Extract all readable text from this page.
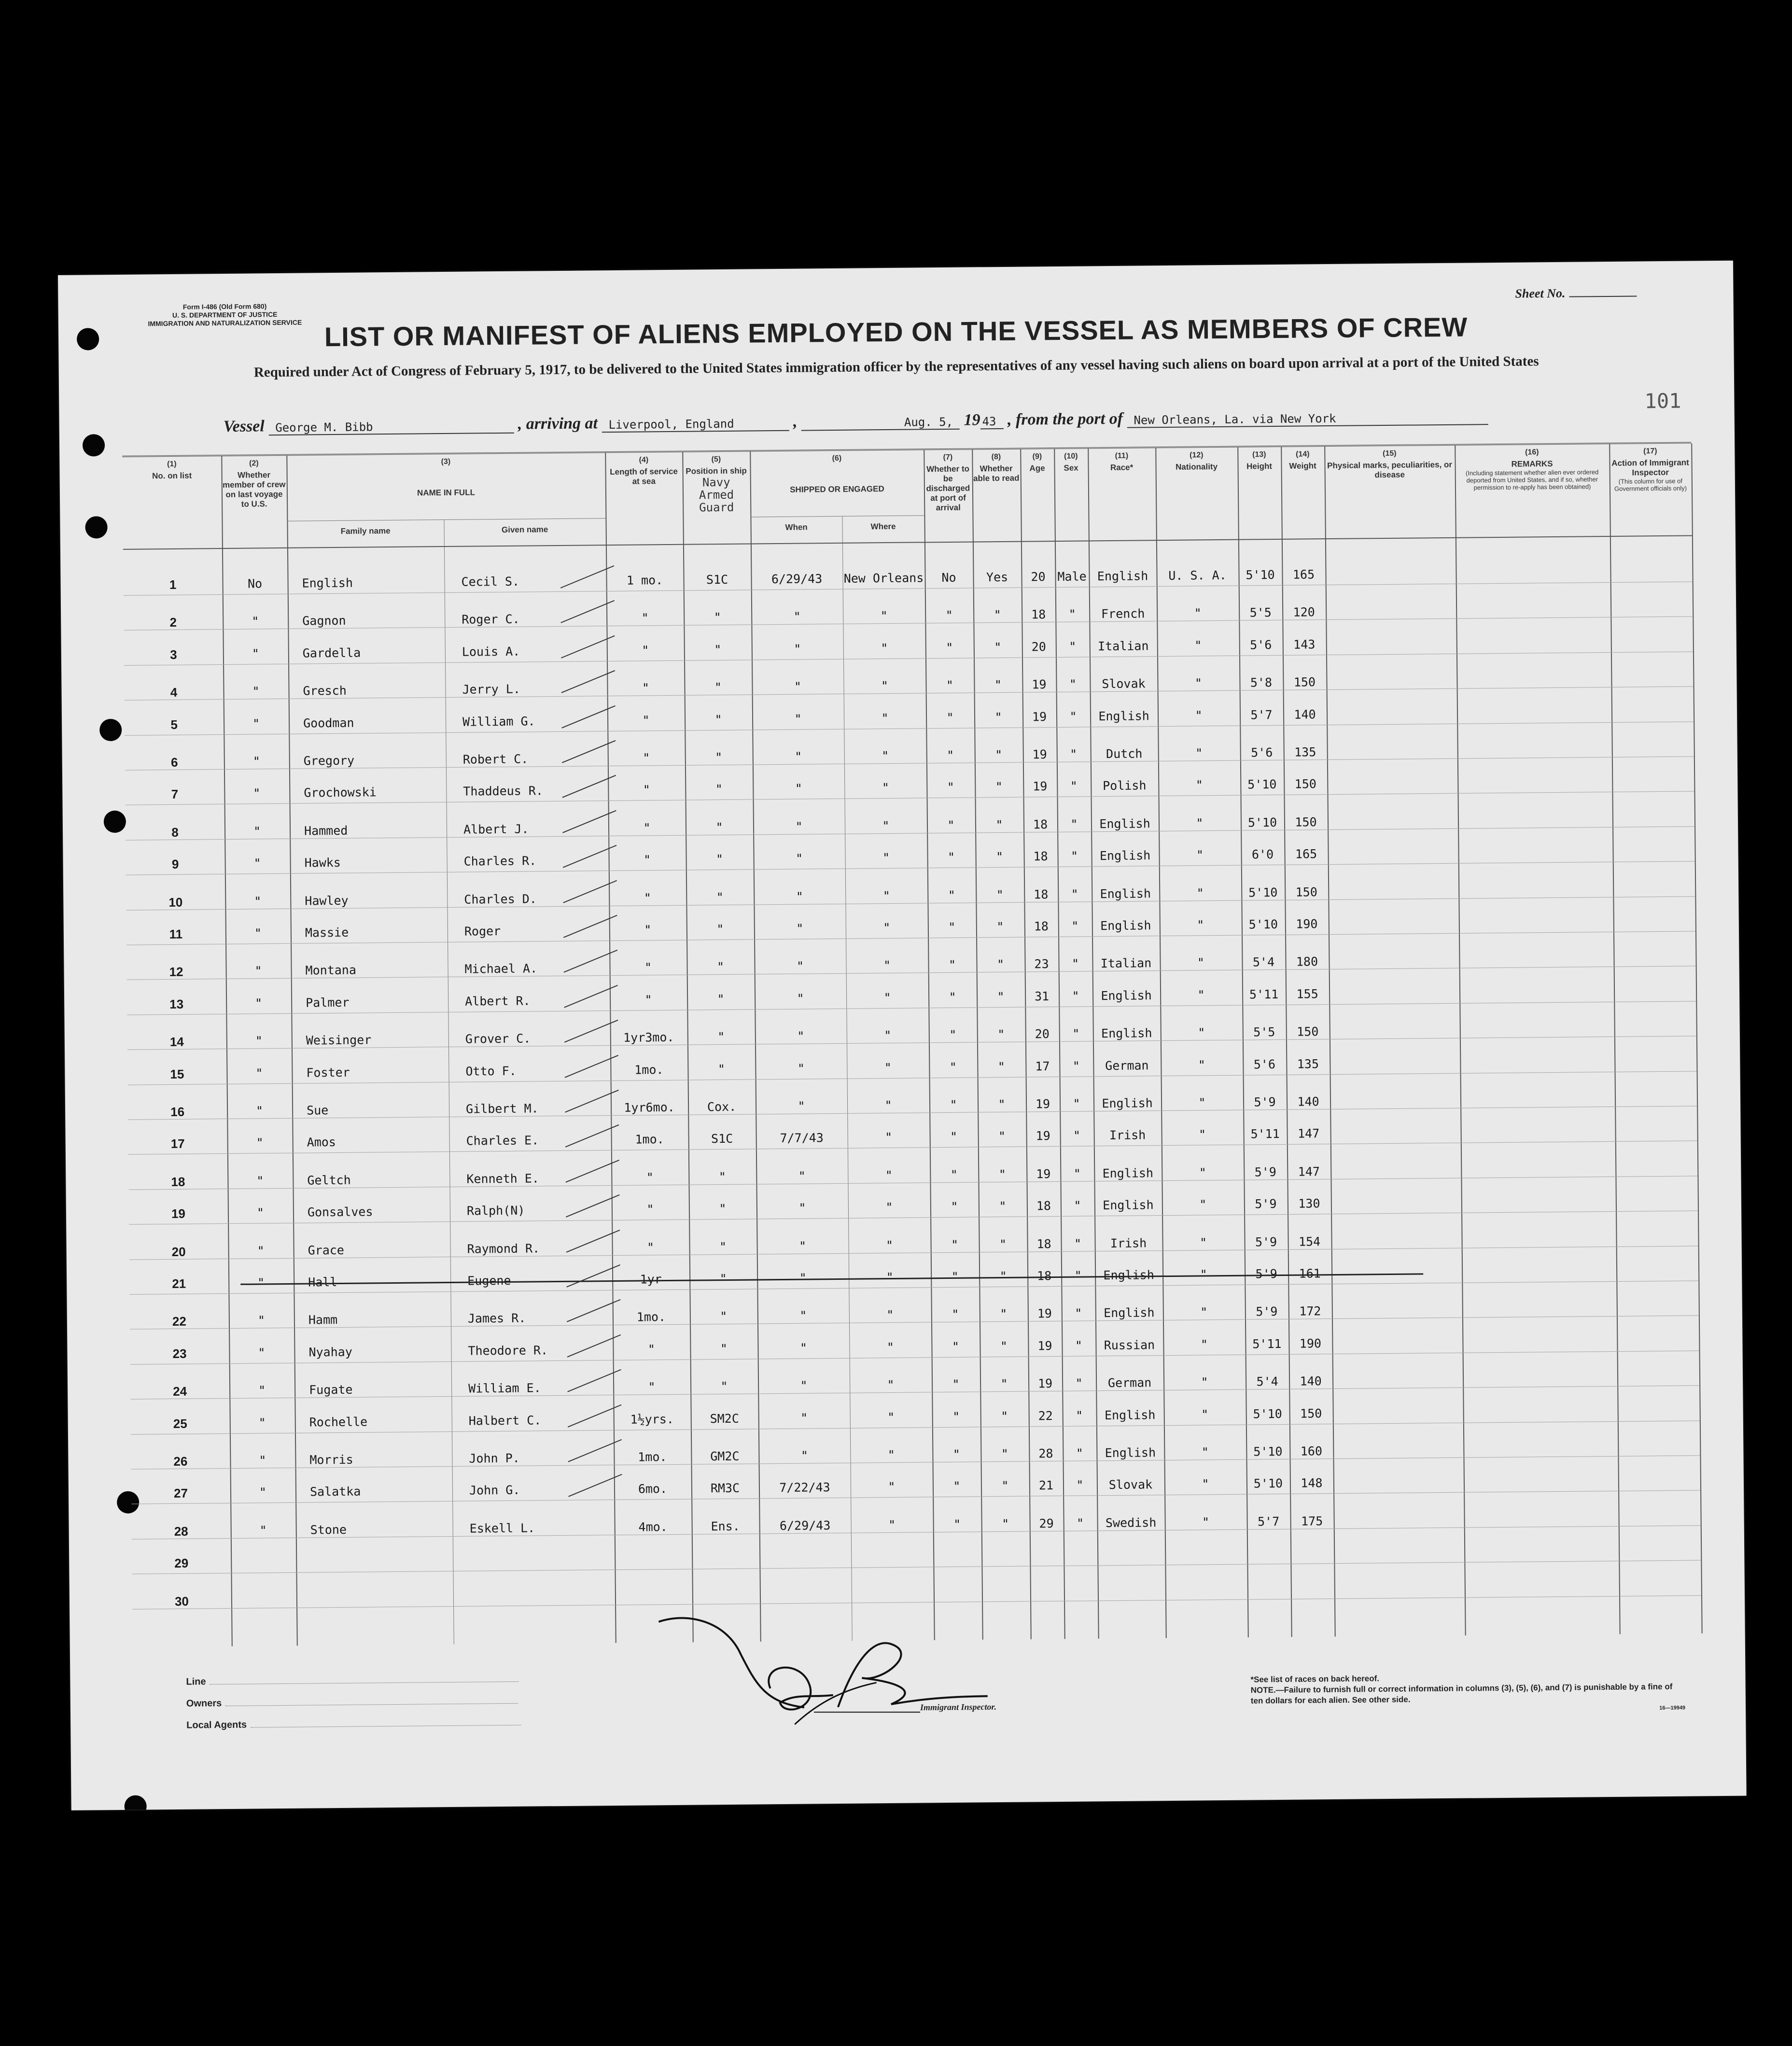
Form I-486 (Old Form 680)
U. S. DEPARTMENT OF JUSTICE
IMMIGRATION AND NATURALIZATION SERVICE
Sheet No.
101
LIST OR MANIFEST OF ALIENS EMPLOYED ON THE VESSEL AS MEMBERS OF CREW
Required under Act of Congress of February 5, 1917, to be delivered to the United States immigration officer by the representatives of any vessel having such aliens on board upon arrival at a port of the United States
Vessel George M. Bibb	, arriving at Liverpool, England	,	Aug. 5, 19 43 , from the port of New Orleans, La. via New York
(1)
No. on list
(2)
Whether member of crew on last voyage to U.S.
Family name	Given name
(3)
NAME IN FULL
(4)
Length of service at sea
(5)
Position in ship
Navy Armed Guard
When	Where
(6)
SHIPPED OR ENGAGED
(7)
Whether to be discharged at port of arrival
(8)
Whether able to read
(9)
Age
(10)
Sex
(11)
Race*
(12)
Nationality
(13)
Height
(14)
Weight
(15)
Physical marks, peculiarities, or disease
(16)
REMARKS
(Including statement whether alien ever ordered deported from United States, and if so, whether permission to re-apply has been obtained)
(17)
Action of Immigrant Inspector
(This column for use of Government officials only)
1	No	English	Cecil S.	1 mo.	S1C	6/29/43	New Orleans	No	Yes	20 Male English	U. S. A.	5'10	165
2	"	Gagnon	Roger C.	"	"	"	"	"	"	18	"	French	"	5'5	120
3	"	Gardella	Louis A.	"	"	"	"	"	"	20	"	Italian	"	5'6	143
4	"	Gresch	Jerry L.	"	"	"	"	"	"	19	"	Slovak	"	5'8	150
5	"	Goodman	William G.	"	"	"	"	"	"	19	"	English	"	5'7	140
6	"	Gregory	Robert C.	"	"	"	"	"	"	19	"	Dutch	"	5'6	135
7	"	Grochowski	Thaddeus R.	"	"	"	"	"	"	19	"	Polish	"	5'10	150
8	"	Hammed	Albert J.	"	"	"	"	"	"	18	"	English	"	5'10	150
9	"	Hawks	Charles R.	"	"	"	"	"	"	18	"	English	"	6'0	165
10	"	Hawley	Charles D.	"	"	"	"	"	"	18	"	English	"	5'10	150
11	"	Massie	Roger	"	"	"	"	"	"	18	"	English	"	5'10	190
12	"	Montana	Michael A.	"	"	"	"	"	"	23	"	Italian	"	5'4	180
13	"	Palmer	Albert R.	"	"	"	"	"	"	31	"	English	"	5'11	155
14	"	Weisinger	Grover C.	1yr3mo.	"	"	"	"	"	20	"	English	"	5'5	150
15	"	Foster	Otto F.	1mo.	"	"	"	"	"	17	"	German	"	5'6	135
16	"	Sue	Gilbert M.	1yr6mo.	Cox.	"	"	"	"	19	"	English	"	5'9	140
17	"	Amos	Charles E.	1mo.	S1C	7/7/43	"	"	"	19	"	Irish	"	5'11	147
18	"	Geltch	Kenneth E.	"	"	"	"	"	"	19	"	English	"	5'9	147
19	"	Gonsalves	Ralph(N)	"	"	"	"	"	"	18	"	English	"	5'9	130
20	"	Grace	Raymond R.	"	"	"	"	"	"	18	"	Irish	"	5'9	154
21	"	Hall	Eugene	1yr	"	"	"	"	"	18	"	English	"	5'9	161
22	"	Hamm	James R.	1mo.	"	"	"	"	"	19	"	English	"	5'9	172
23	"	Nyahay	Theodore R.	"	"	"	"	"	"	19	"	Russian	"	5'11	190
24	"	Fugate	William E.	"	"	"	"	"	"	19	"	German	"	5'4	140
25	"	Rochelle	Halbert C.	1½yrs.	SM2C	"	"	"	"	22	"	English	"	5'10	150
26	"	Morris	John P.	1mo.	GM2C	"	"	"	"	28	"	English	"	5'10	160
27	"	Salatka	John G.	6mo.	RM3C	7/22/43	"	"	"	21	"	Slovak	"	5'10	148
28	"	Stone	Eskell L.	4mo.	Ens.	6/29/43	"	"	"	29	"	Swedish	"	5'7	175
29
30
Line
Owners
Local Agents
Immigrant Inspector.
*See list of races on back hereof.
NOTE.—Failure to furnish full or correct information in columns (3), (5), (6), and (7) is punishable by a fine of ten dollars for each alien. See other side.
16—19949
